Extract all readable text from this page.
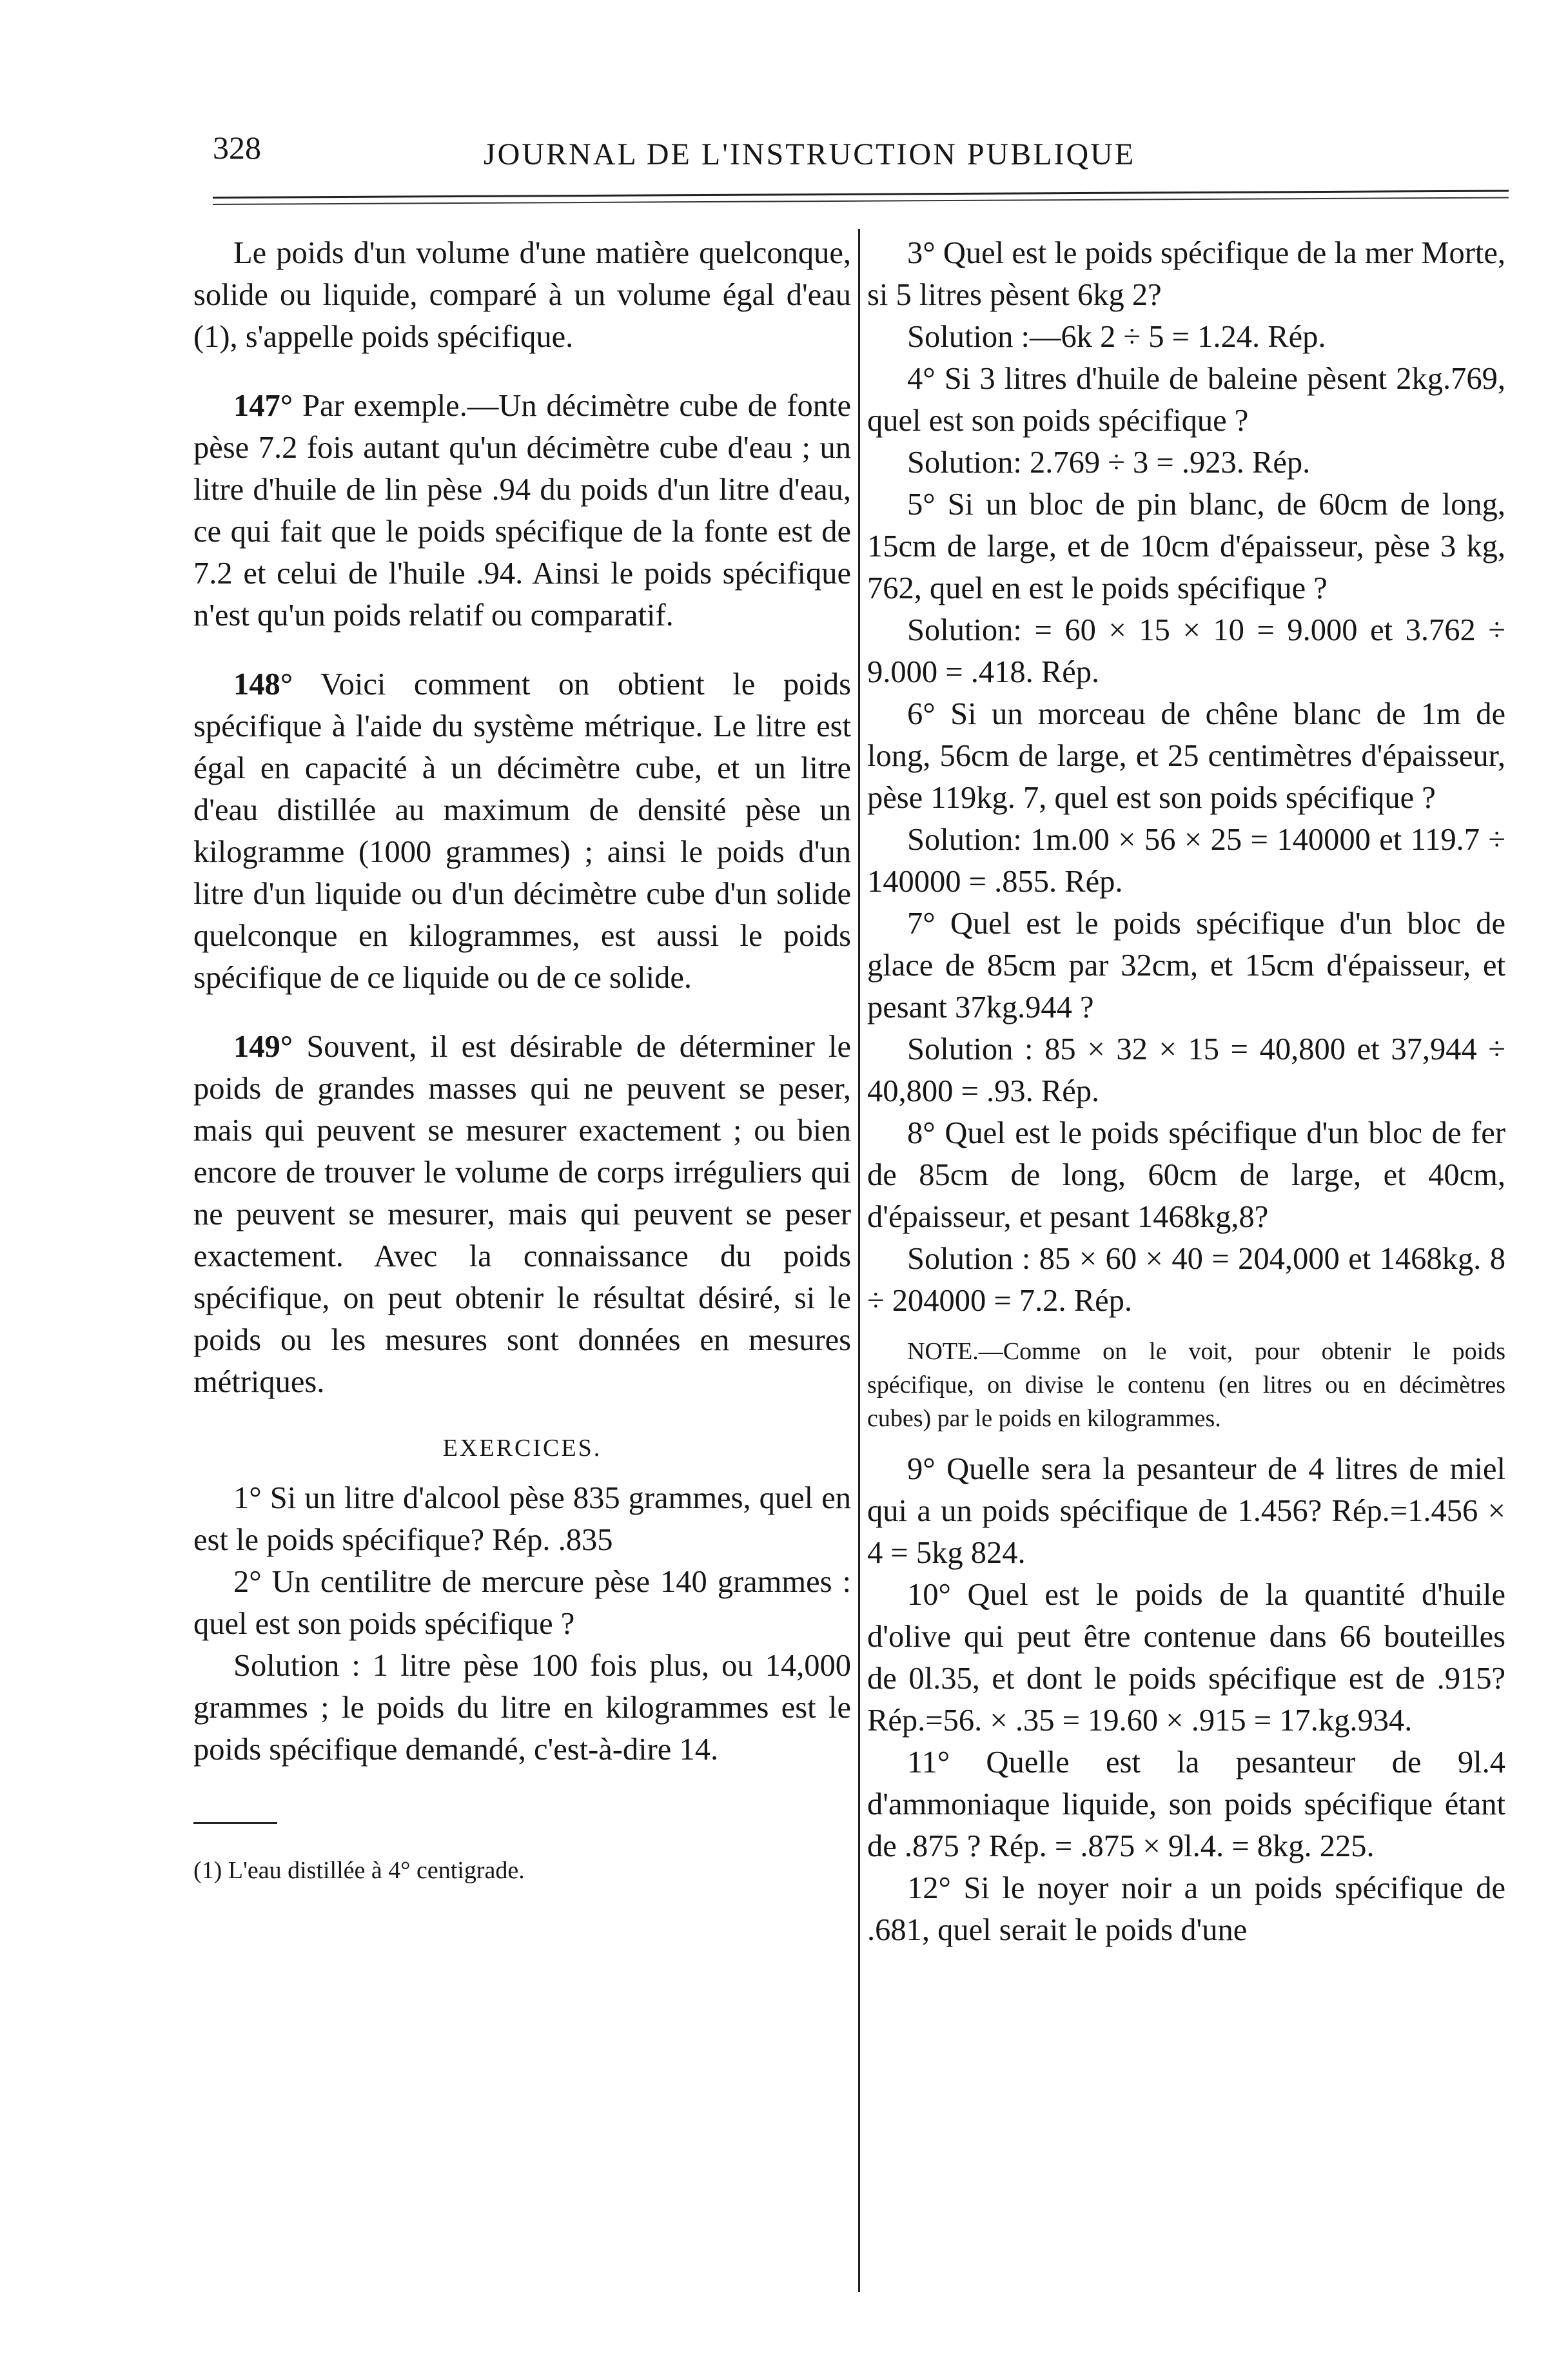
328	JOURNAL DE L'INSTRUCTION PUBLIQUE

Le poids d'un volume d'une matière quelconque, solide ou liquide, comparé à un volume égal d'eau (1), s'appelle poids spécifique.

147° Par exemple.—Un décimètre cube de fonte pèse 7.2 fois autant qu'un décimètre cube d'eau ; un litre d'huile de lin pèse .94 du poids d'un litre d'eau, ce qui fait que le poids spécifique de la fonte est de 7.2 et celui de l'huile .94. Ainsi le poids spécifique n'est qu'un poids relatif ou comparatif.

148° Voici comment on obtient le poids spécifique à l'aide du système métrique. Le litre est égal en capacité à un décimètre cube, et un litre d'eau distillée au maximum de densité pèse un kilogramme (1000 grammes) ; ainsi le poids d'un litre d'un liquide ou d'un décimètre cube d'un solide quelconque en kilogrammes, est aussi le poids spécifique de ce liquide ou de ce solide.

149° Souvent, il est désirable de déterminer le poids de grandes masses qui ne peuvent se peser, mais qui peuvent se mesurer exactement ; ou bien encore de trouver le volume de corps irréguliers qui ne peuvent se mesurer, mais qui peuvent se peser exactement. Avec la connaissance du poids spécifique, on peut obtenir le résultat désiré, si le poids ou les mesures sont données en mesures métriques.

EXERCICES.

1° Si un litre d'alcool pèse 835 grammes, quel en est le poids spécifique? Rép. .835

2° Un centilitre de mercure pèse 140 grammes : quel est son poids spécifique ?

Solution : 1 litre pèse 100 fois plus, ou 14,000 grammes ; le poids du litre en kilogrammes est le poids spécifique demandé, c'est-à-dire 14.

(1) L'eau distillée à 4° centigrade.

3° Quel est le poids spécifique de la mer Morte, si 5 litres pèsent 6kg 2?

Solution :—6k 2 ÷ 5 = 1.24. Rép.

4° Si 3 litres d'huile de baleine pèsent 2kg.769, quel est son poids spécifique ?

Solution: 2.769 ÷ 3 = .923. Rép.

5° Si un bloc de pin blanc, de 60cm de long, 15cm de large, et de 10cm d'épaisseur, pèse 3 kg, 762, quel en est le poids spécifique ?

Solution: = 60 × 15 × 10 = 9.000 et 3.762 ÷ 9.000 = .418. Rép.

6° Si un morceau de chêne blanc de 1m de long, 56cm de large, et 25 centimètres d'épaisseur, pèse 119kg. 7, quel est son poids spécifique ?

Solution: 1m.00 × 56 × 25 = 140000 et 119.7 ÷ 140000 = .855. Rép.

7° Quel est le poids spécifique d'un bloc de glace de 85cm par 32cm, et 15cm d'épaisseur, et pesant 37kg.944 ?

Solution : 85 × 32 × 15 = 40,800 et 37,944 ÷ 40,800 = .93. Rép.

8° Quel est le poids spécifique d'un bloc de fer de 85cm de long, 60cm de large, et 40cm, d'épaisseur, et pesant 1468kg,8?

Solution : 85 × 60 × 40 = 204,000 et 1468kg. 8 ÷ 204000 = 7.2. Rép.

NOTE.—Comme on le voit, pour obtenir le poids spécifique, on divise le contenu (en litres ou en décimètres cubes) par le poids en kilogrammes.

9° Quelle sera la pesanteur de 4 litres de miel qui a un poids spécifique de 1.456? Rép.=1.456 × 4 = 5kg 824.

10° Quel est le poids de la quantité d'huile d'olive qui peut être contenue dans 66 bouteilles de 0l.35, et dont le poids spécifique est de .915? Rép.=56. × .35 = 19.60 × .915 = 17.kg.934.

11° Quelle est la pesanteur de 9l.4 d'ammoniaque liquide, son poids spécifique étant de .875 ? Rép. = .875 × 9l.4. = 8kg. 225.

12° Si le noyer noir a un poids spécifique de .681, quel serait le poids d'une
